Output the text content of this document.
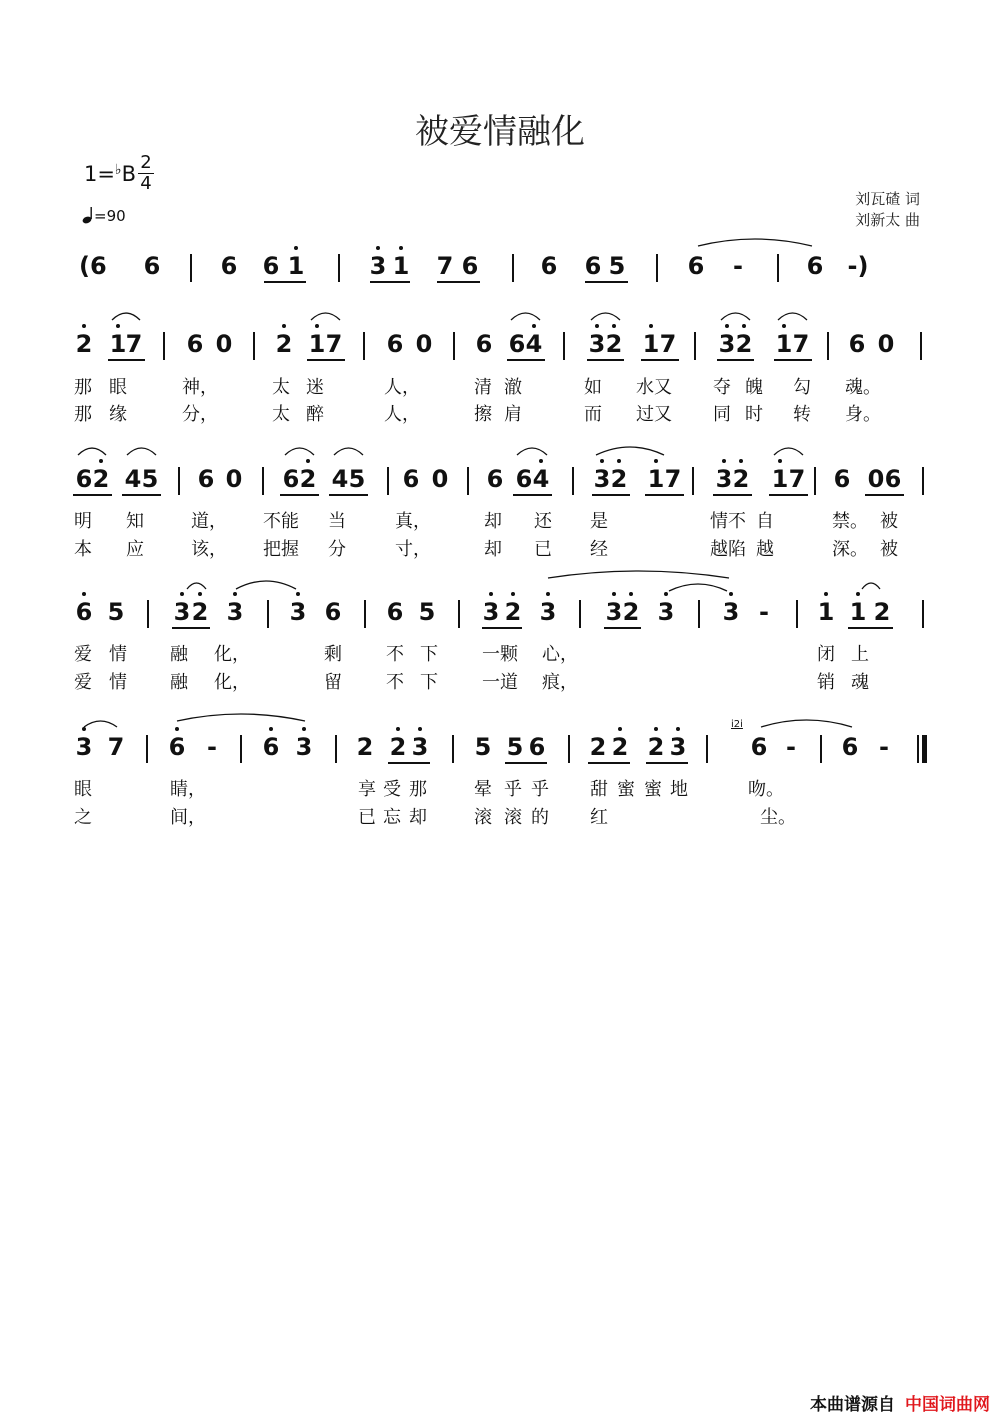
被爱情融化
1=♭B 2
4
=90
刘瓦碴 词
刘新太 曲
(6 6	6 6 1	3 1 7 6	6 6 5	6 -	6 -)
2 1 7 6 0 2 1 7 6 0 6 6 4 3 2 1 7 3 2 1 7 6 0
那
那
眼
缘
神，
分，
太
太
迷
醉
人，
人，
清
擦
澈
肩
如
而
水又
过又
夺
同
魄
时
勾
转
魂。
身。
6 2 4 5 6 0 6 2 4 5 6 0 6 6 4 3 2 1 7 3 2 1 7 6 0 6
明
本
知
应
道，
该，
不能
把握
当
分
真，
寸，
却
却
还
已
是
经
情不
越陷
自
越
禁。
深。
被
被
6 5 3 2 3 3 6 6 5 3 2 3 3 2 3 3 - 1 1 2
爱
爱
情
情
融
融
化，
化，
剩
留
不
不
下
下
一颗
一道
心，
痕，
闭
销
上
魂
3 7 6 - 6 3 2 2 3 5 5 6 2 2 2 3	6 - 6 -
i2i
眼	睛，	享 受 那	晕 乎 乎 甜 蜜 蜜 地	吻。
之	间，	已 忘 却	滚 滚 的 红	尘。
本曲谱源自 中国词曲网
